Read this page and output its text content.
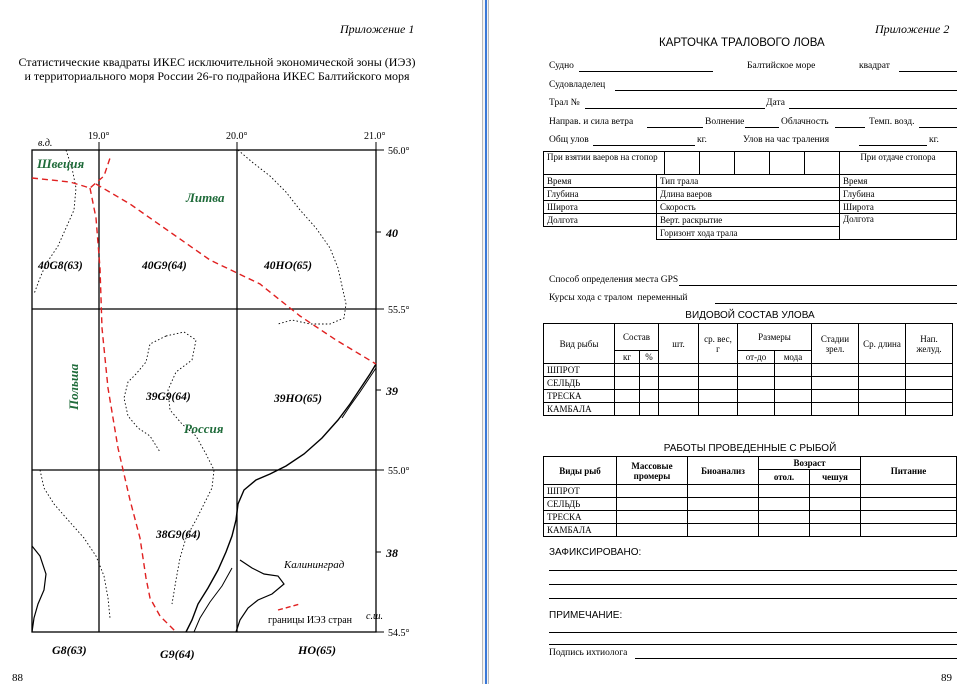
Приложение 1
Статистические квадраты ИКЕС исключительной экономической зоны (ИЭЗ) и территориального моря России 26-го подрайона ИКЕС Балтийского моря
в.д.
19.0°	20.0°	21.0°
56.0°
55.5°
55.0°
54.5°
с.ш.
40
39
38
G8(63)	G9(64)	НО(65)
40G8(63)	40G9(64)	40НО(65)
39G9(64)	39НО(65)
38G9(64)
Швеция
Литва
Польша
Россия
Калининград
границы ИЭЗ стран
88
Приложение 2
КАРТОЧКА ТРАЛОВОГО ЛОВА
Судно	Балтийское море	квадрат
Судовладелец
Трал №	Дата
Направ. и сила ветра	Волнение	Облачность	Темп. возд.
Общ улов	кг.	Улов на час траления	кг.
При взятии ваеров на стопор							При отдаче стопора
Время	Тип трала						Время
Глубина	Длина ваеров						Глубина
Широта	Скорость						Широта
Долгота	Верт. раскрытие						Долгота
	Горизонт хода трала						
Способ определения места GPS
Курсы хода с тралом переменный
ВИДОВОЙ СОСТАВ УЛОВА
Вид рыбы	Состав		шт.	ср. вес, г	Размеры		Стадии зрел.	Ср. длина	Нап. желуд.
	кг	%			от-до	мода			
ШПРОТ									
СЕЛЬДЬ									
ТРЕСКА									
КАМБАЛА									
РАБОТЫ ПРОВЕДЕННЫЕ С РЫБОЙ
Виды рыб	Массовые промеры	Биоанализ	Возраст		Питание
			отол.	чешуя	
ШПРОТ					
СЕЛЬДЬ					
ТРЕСКА					
КАМБАЛА					
ЗАФИКСИРОВАНО:
ПРИМЕЧАНИЕ:
Подпись ихтиолога
89
